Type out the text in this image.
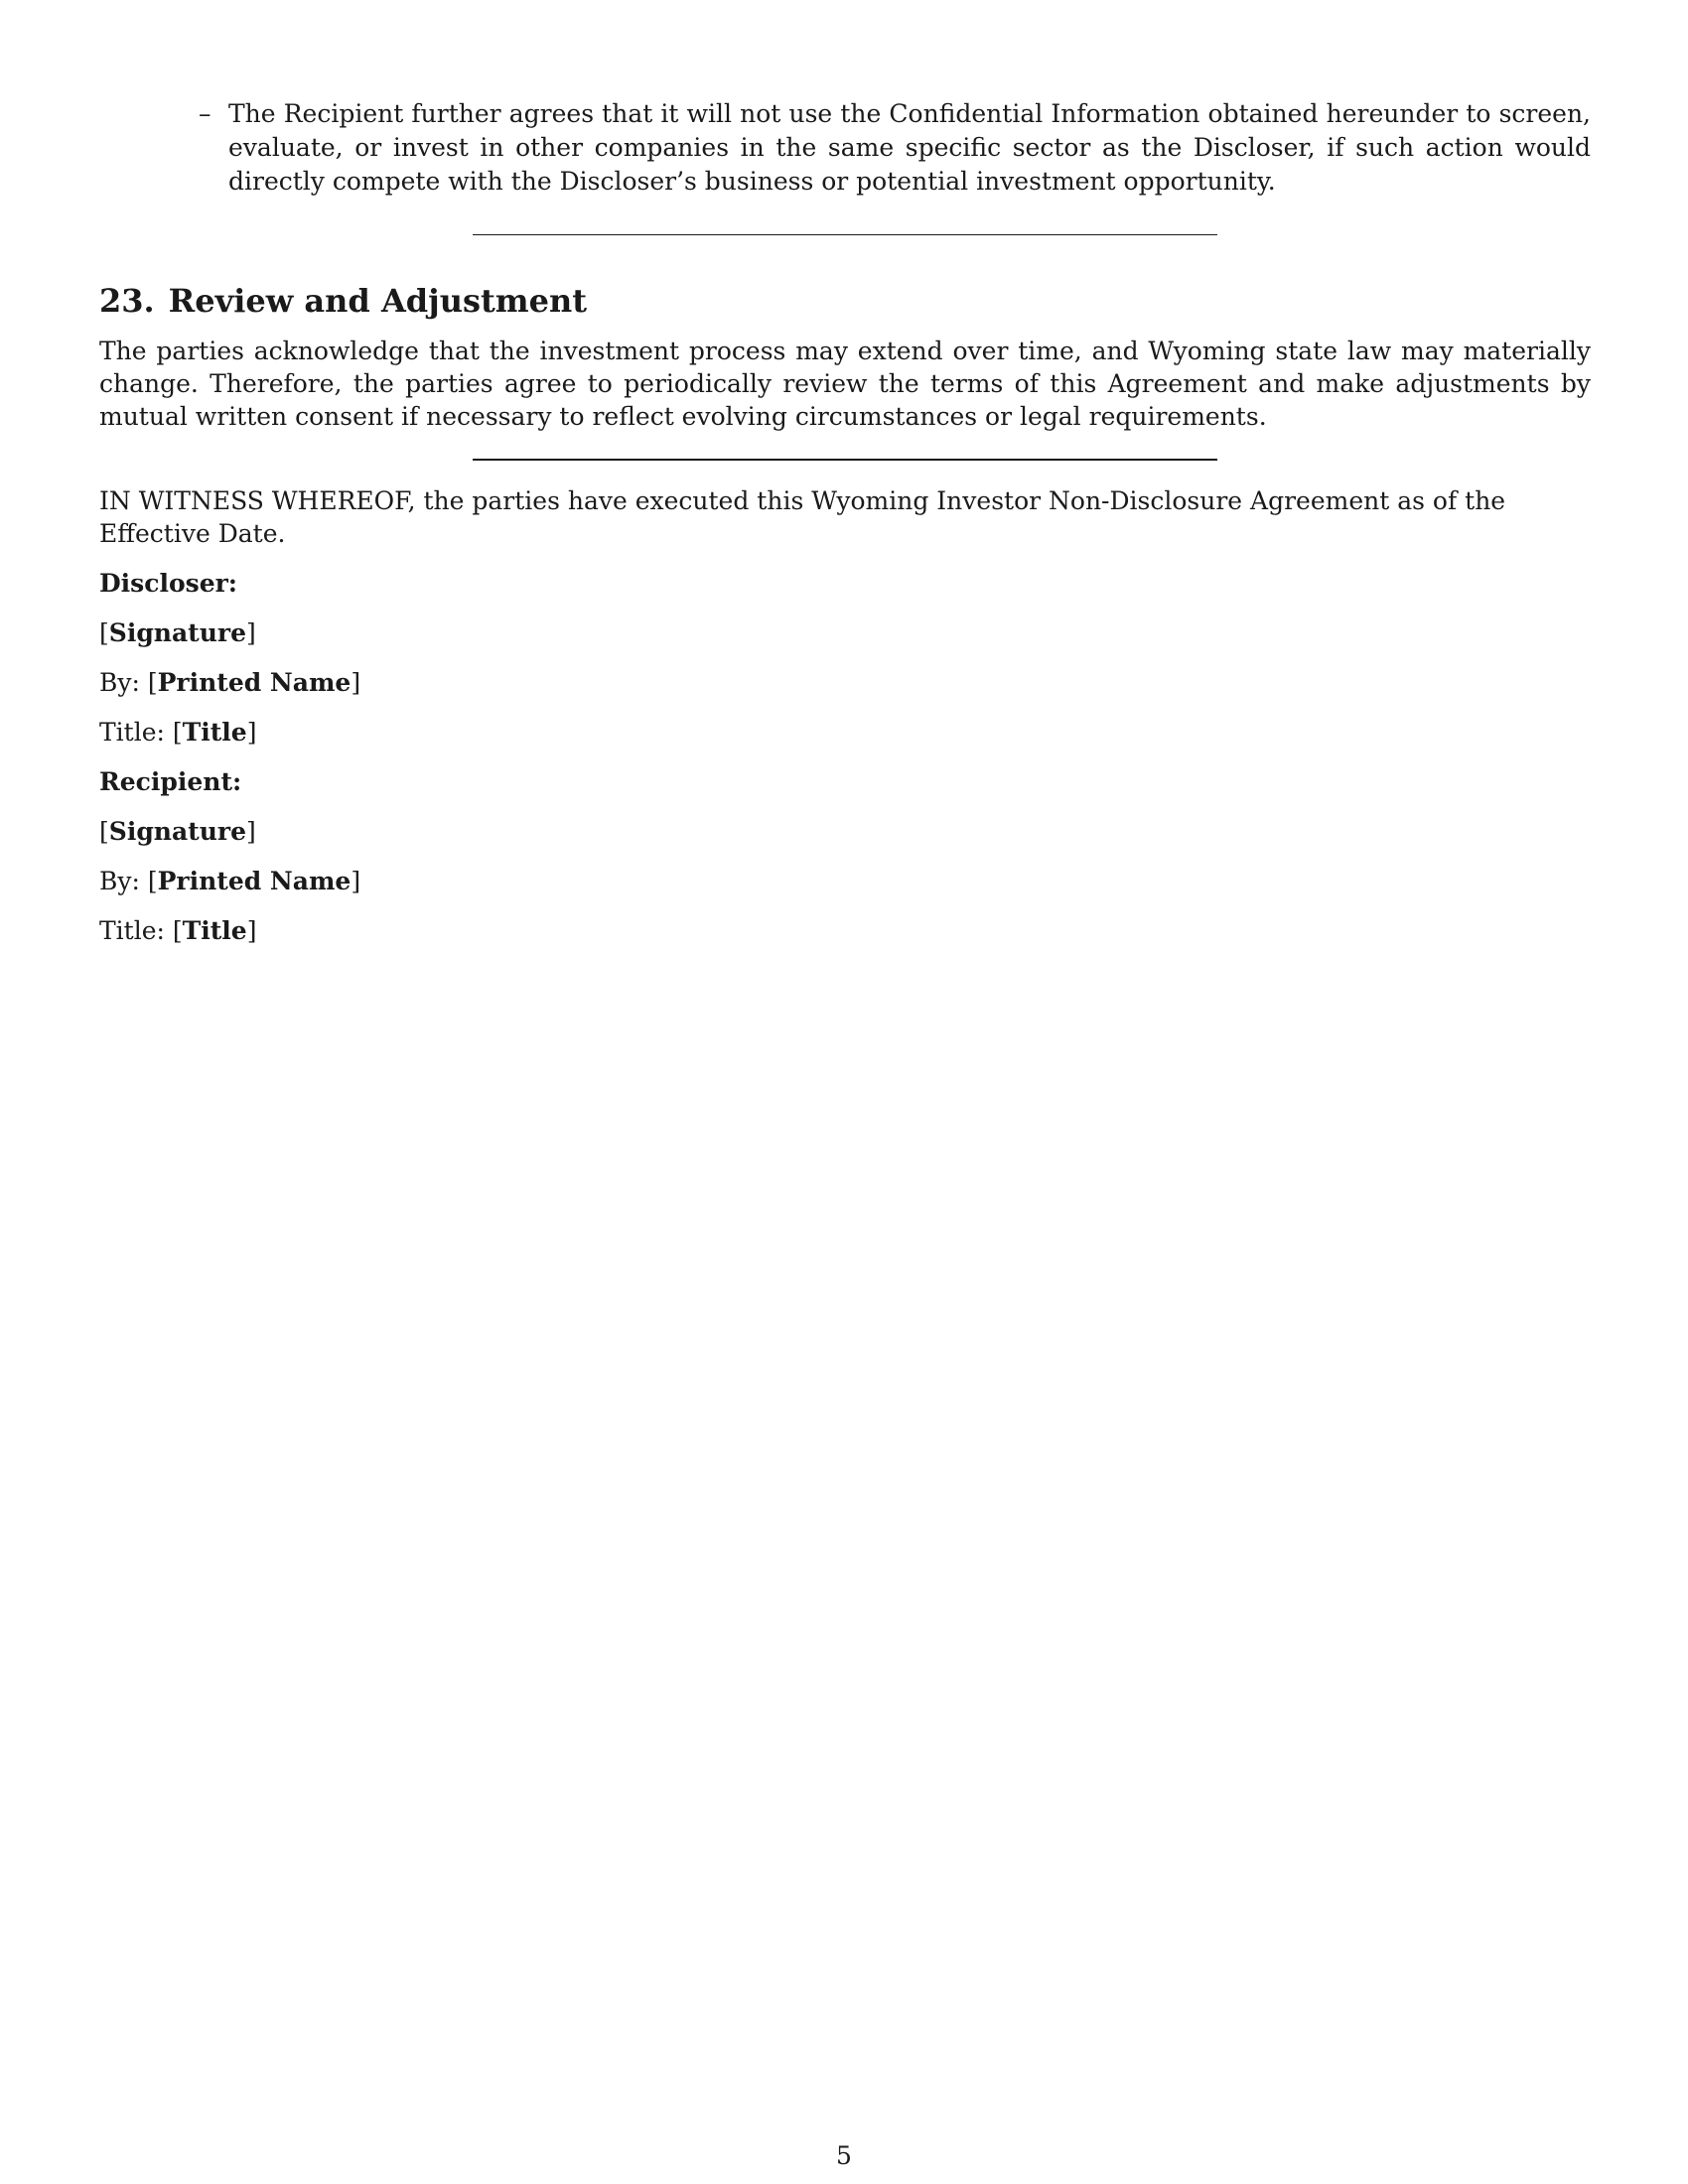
– The Recipient further agrees that it will not use the Confidential Information obtained hereunder to screen, evaluate, or invest in other companies in the same specific sector as the Discloser, if such action would directly compete with the Discloser’s business or potential investment opportunity.
23. Review and Adjustment

The parties acknowledge that the investment process may extend over time, and Wyoming state law may materially change. Therefore, the parties agree to periodically review the terms of this Agreement and make adjustments by mutual written consent if necessary to reflect evolving circumstances or legal requirements.

IN WITNESS WHEREOF, the parties have executed this Wyoming Investor Non-Disclosure Agreement as of the Effective Date.

Discloser:
[Signature]
By: [Printed Name]
Title: [Title]
Recipient:
[Signature]
By: [Printed Name]
Title: [Title]
5
